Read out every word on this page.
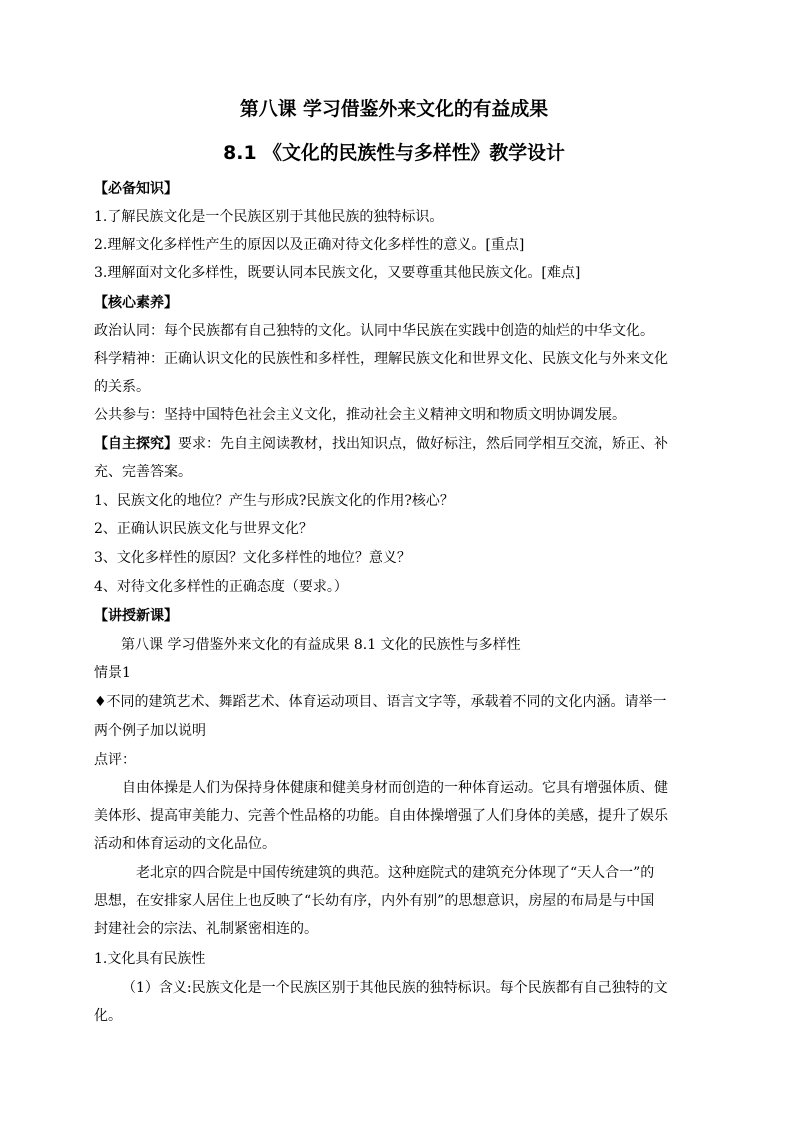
第八课 学习借鉴外来文化的有益成果
8.1 《文化的民族性与多样性》教学设计
【必备知识】
1.了解民族文化是一个民族区别于其他民族的独特标识。
2.理解文化多样性产生的原因以及正确对待文化多样性的意义。[重点]
3.理解面对文化多样性，既要认同本民族文化，又要尊重其他民族文化。[难点]
【核心素养】
政治认同：每个民族都有自己独特的文化。认同中华民族在实践中创造的灿烂的中华文化。
科学精神：正确认识文化的民族性和多样性，理解民族文化和世界文化、民族文化与外来文化
的关系。
公共参与：坚持中国特色社会主义文化，推动社会主义精神文明和物质文明协调发展。
【自主探究】要求：先自主阅读教材，找出知识点，做好标注，然后同学相互交流，矫正、补
充、完善答案。
1、民族文化的地位？产生与形成?民族文化的作用?核心？
2、正确认识民族文化与世界文化？
3、文化多样性的原因？文化多样性的地位？意义？
4、对待文化多样性的正确态度（要求。）
【讲授新课】
第八课 学习借鉴外来文化的有益成果 8.1 文化的民族性与多样性
情景1
♦不同的建筑艺术、舞蹈艺术、体育运动项目、语言文字等，承载着不同的文化内涵。请举一
两个例子加以说明
点评：
自由体操是人们为保持身体健康和健美身材而创造的一种体育运动。它具有增强体质、健
美体形、提高审美能力、完善个性品格的功能。自由体操增强了人们身体的美感，提升了娱乐
活动和体育运动的文化品位。
老北京的四合院是中国传统建筑的典范。这种庭院式的建筑充分体现了“天人合一”的
思想，在安排家人居住上也反映了“长幼有序，内外有别”的思想意识，房屋的布局是与中国
封建社会的宗法、礼制紧密相连的。
1.文化具有民族性
（1）含义:民族文化是一个民族区别于其他民族的独特标识。每个民族都有自己独特的文
化。
